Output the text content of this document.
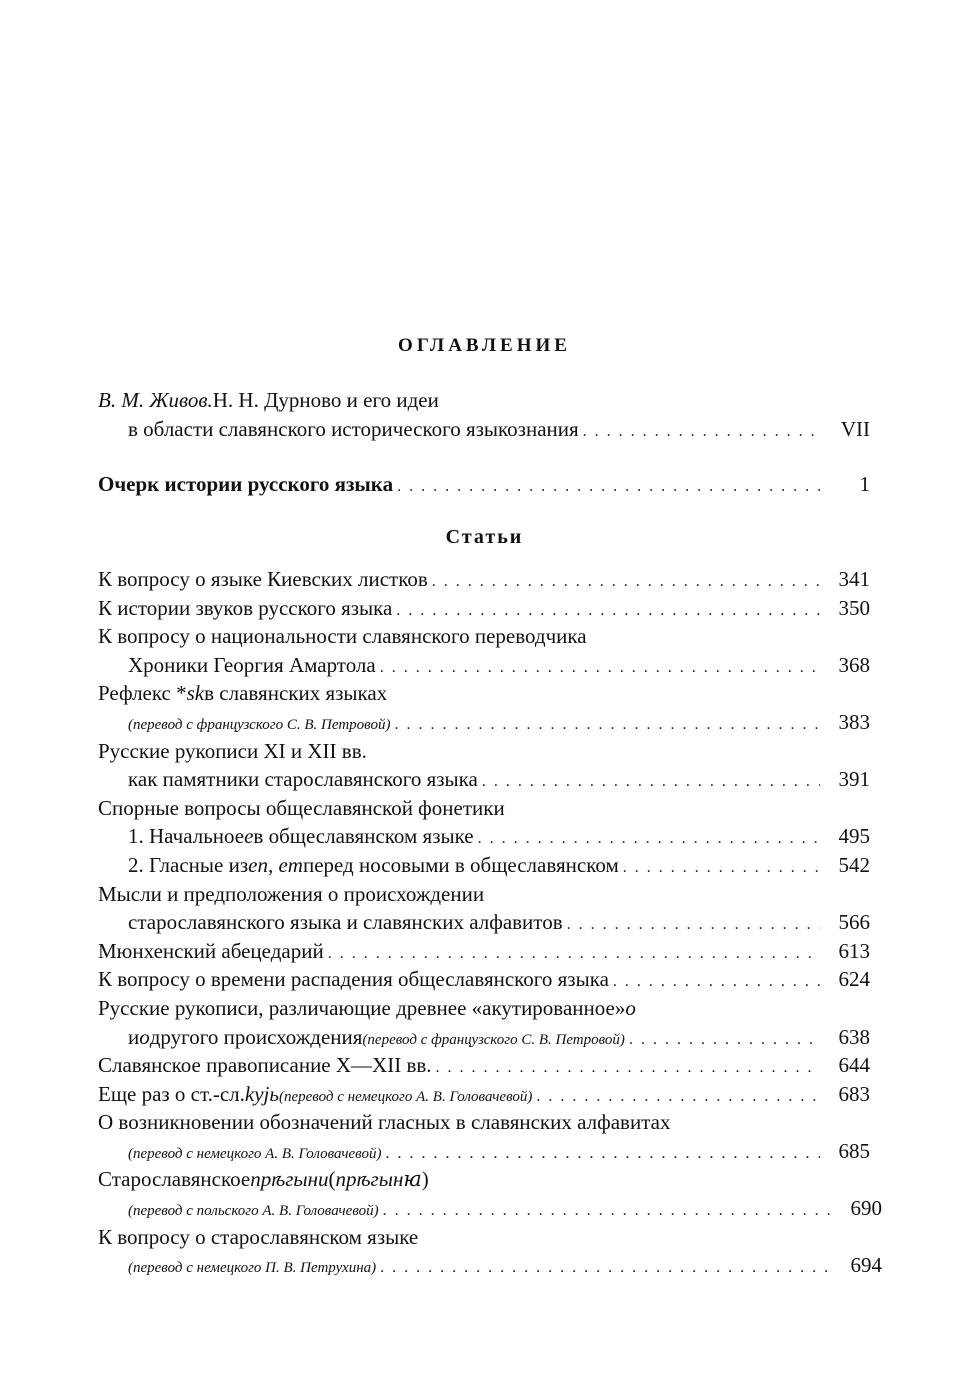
ОГЛАВЛЕНИЕ
В. М. Живов. Н. Н. Дурново и его идеи
в области славянского исторического языкознания . . .	VII
Очерк истории русского языка . . .	1
Статьи
К вопросу о языке Киевских листков . . .	341
К истории звуков русского языка . . .	350
К вопросу о национальности славянского переводчика
Хроники Георгия Амартола . . .	368
Рефлекс * sk в славянских языках
(перевод с французского С. В. Петровой) . . .	383
Русские рукописи XI и XII вв.
как памятники старославянского языка . . .	391
Спорные вопросы общеславянской фонетики
1. Начальное e в общеславянском языке . . .	495
2. Гласные из en, em перед носовыми в общеславянском . . .	542
Мысли и предположения о происхождении
старославянского языка и славянских алфавитов . . .	566
Мюнхенский абецедарий . . .	613
К вопросу о времени распадения общеславянского языка . . .	624
Русские рукописи, различающие древнее «акутированное» о
и о другого происхождения (перевод с французского С. В. Петровой) . . .	638
Славянское правописание X—XII вв. . . .	644
Еще раз о ст.-сл. kyjь (перевод с немецкого А. В. Головачевой) . . .	683
О возникновении обозначений гласных в славянских алфавитах
(перевод с немецкого А. В. Головачевой) . . .	685
Старославянское прѣгыни ( прѣгынꙗ )
(перевод с польского А. В. Головачевой) . . .	690
К вопросу о старославянском языке
(перевод с немецкого П. В. Петрухина) . . .	694
